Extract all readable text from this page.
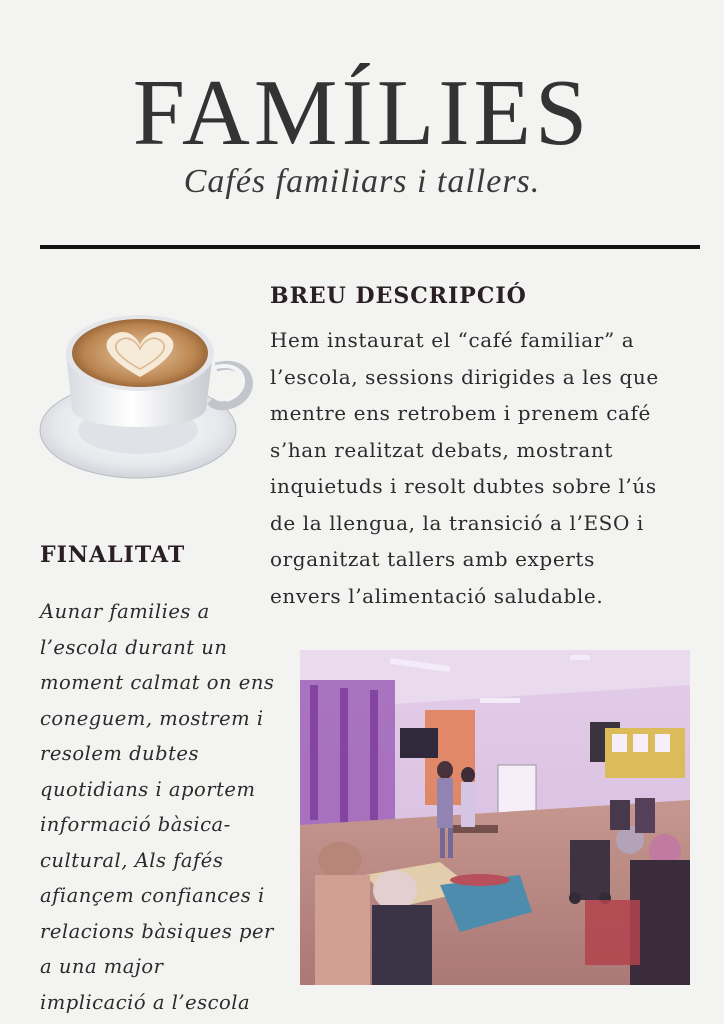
FAMÍLIES
Cafés familiars i tallers.
BREU DESCRIPCIÓ

Hem instaurat el “café familiar” a
l’escola, sessions dirigides a les que
mentre ens retrobem i prenem café
s’han realitzat debats, mostrant
inquietuds i resolt dubtes sobre l’ús
de la llengua, la transició a l’ESO i
organitzat tallers amb experts
envers l’alimentació saludable.

FINALITAT

Aunar families a
l’escola durant un
moment calmat on ens
coneguem, mostrem i
resolem dubtes
quotidians i aportem
informació bàsica-
cultural, Als fafés
afiançem confiances i
relacions bàsiques per
a una major
implicació a l’escola
